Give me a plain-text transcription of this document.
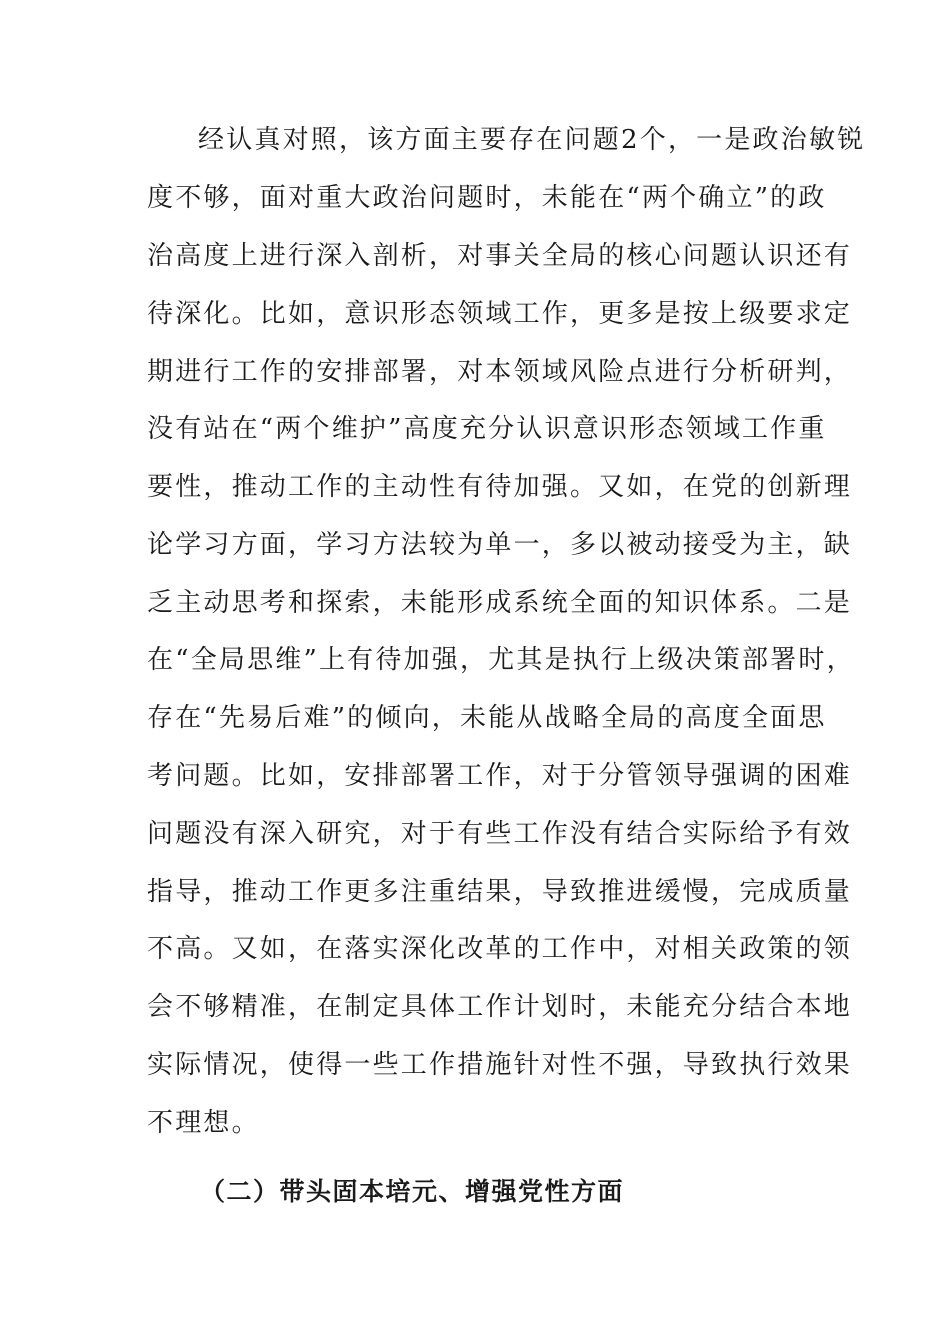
经认真对照，该方面主要存在问题2个，一是政治敏锐
度不够，面对重大政治问题时，未能在“两个确立”的政
治高度上进行深入剖析，对事关全局的核心问题认识还有
待深化。比如，意识形态领域工作，更多是按上级要求定
期进行工作的安排部署，对本领域风险点进行分析研判，
没有站在“两个维护”高度充分认识意识形态领域工作重
要性，推动工作的主动性有待加强。又如，在党的创新理
论学习方面，学习方法较为单一，多以被动接受为主，缺
乏主动思考和探索，未能形成系统全面的知识体系。二是
在“全局思维”上有待加强，尤其是执行上级决策部署时，
存在“先易后难”的倾向，未能从战略全局的高度全面思
考问题。比如，安排部署工作，对于分管领导强调的困难
问题没有深入研究，对于有些工作没有结合实际给予有效
指导，推动工作更多注重结果，导致推进缓慢，完成质量
不高。又如，在落实深化改革的工作中，对相关政策的领
会不够精准，在制定具体工作计划时，未能充分结合本地
实际情况，使得一些工作措施针对性不强，导致执行效果
不理想。
（二）带头固本培元、增强党性方面
